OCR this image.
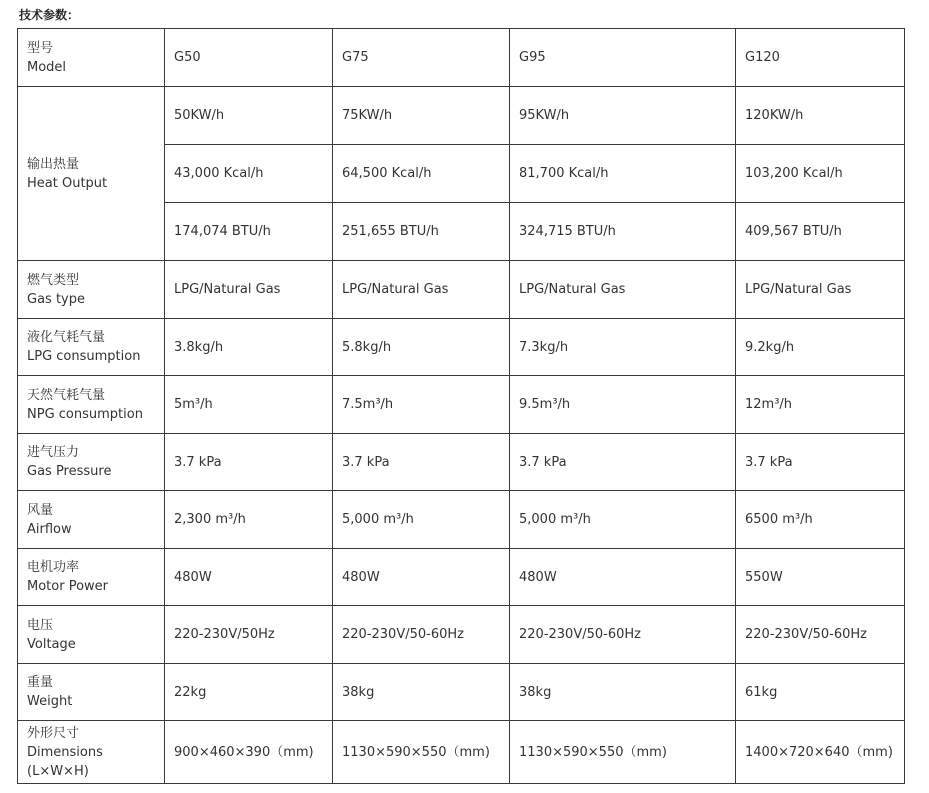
技术参数：
型号
Model	G50	G75	G95	G120

输出热量
Heat Output	50KW/h	75KW/h	95KW/h	120KW/h
	43,000 Kcal/h	64,500 Kcal/h	81,700 Kcal/h	103,200 Kcal/h
	174,074 BTU/h	251,655 BTU/h	324,715 BTU/h	409,567 BTU/h

燃气类型
Gas type	LPG/Natural Gas	LPG/Natural Gas	LPG/Natural Gas	LPG/Natural Gas

液化气耗气量
LPG consumption	3.8kg/h	5.8kg/h	7.3kg/h	9.2kg/h

天然气耗气量
NPG consumption	5m³/h	7.5m³/h	9.5m³/h	12m³/h

进气压力
Gas Pressure	3.7 kPa	3.7 kPa	3.7 kPa	3.7 kPa

风量
Airflow	2,300 m³/h	5,000 m³/h	5,000 m³/h	6500 m³/h

电机功率
Motor Power	480W	480W	480W	550W

电压
Voltage	220-230V/50Hz	220-230V/50-60Hz	220-230V/50-60Hz	220-230V/50-60Hz

重量
Weight	22kg	38kg	38kg	61kg

外形尺寸
Dimensions
(L×W×H)	900×460×390（mm)	1130×590×550（mm)	1130×590×550（mm)	1400×720×640（mm)
